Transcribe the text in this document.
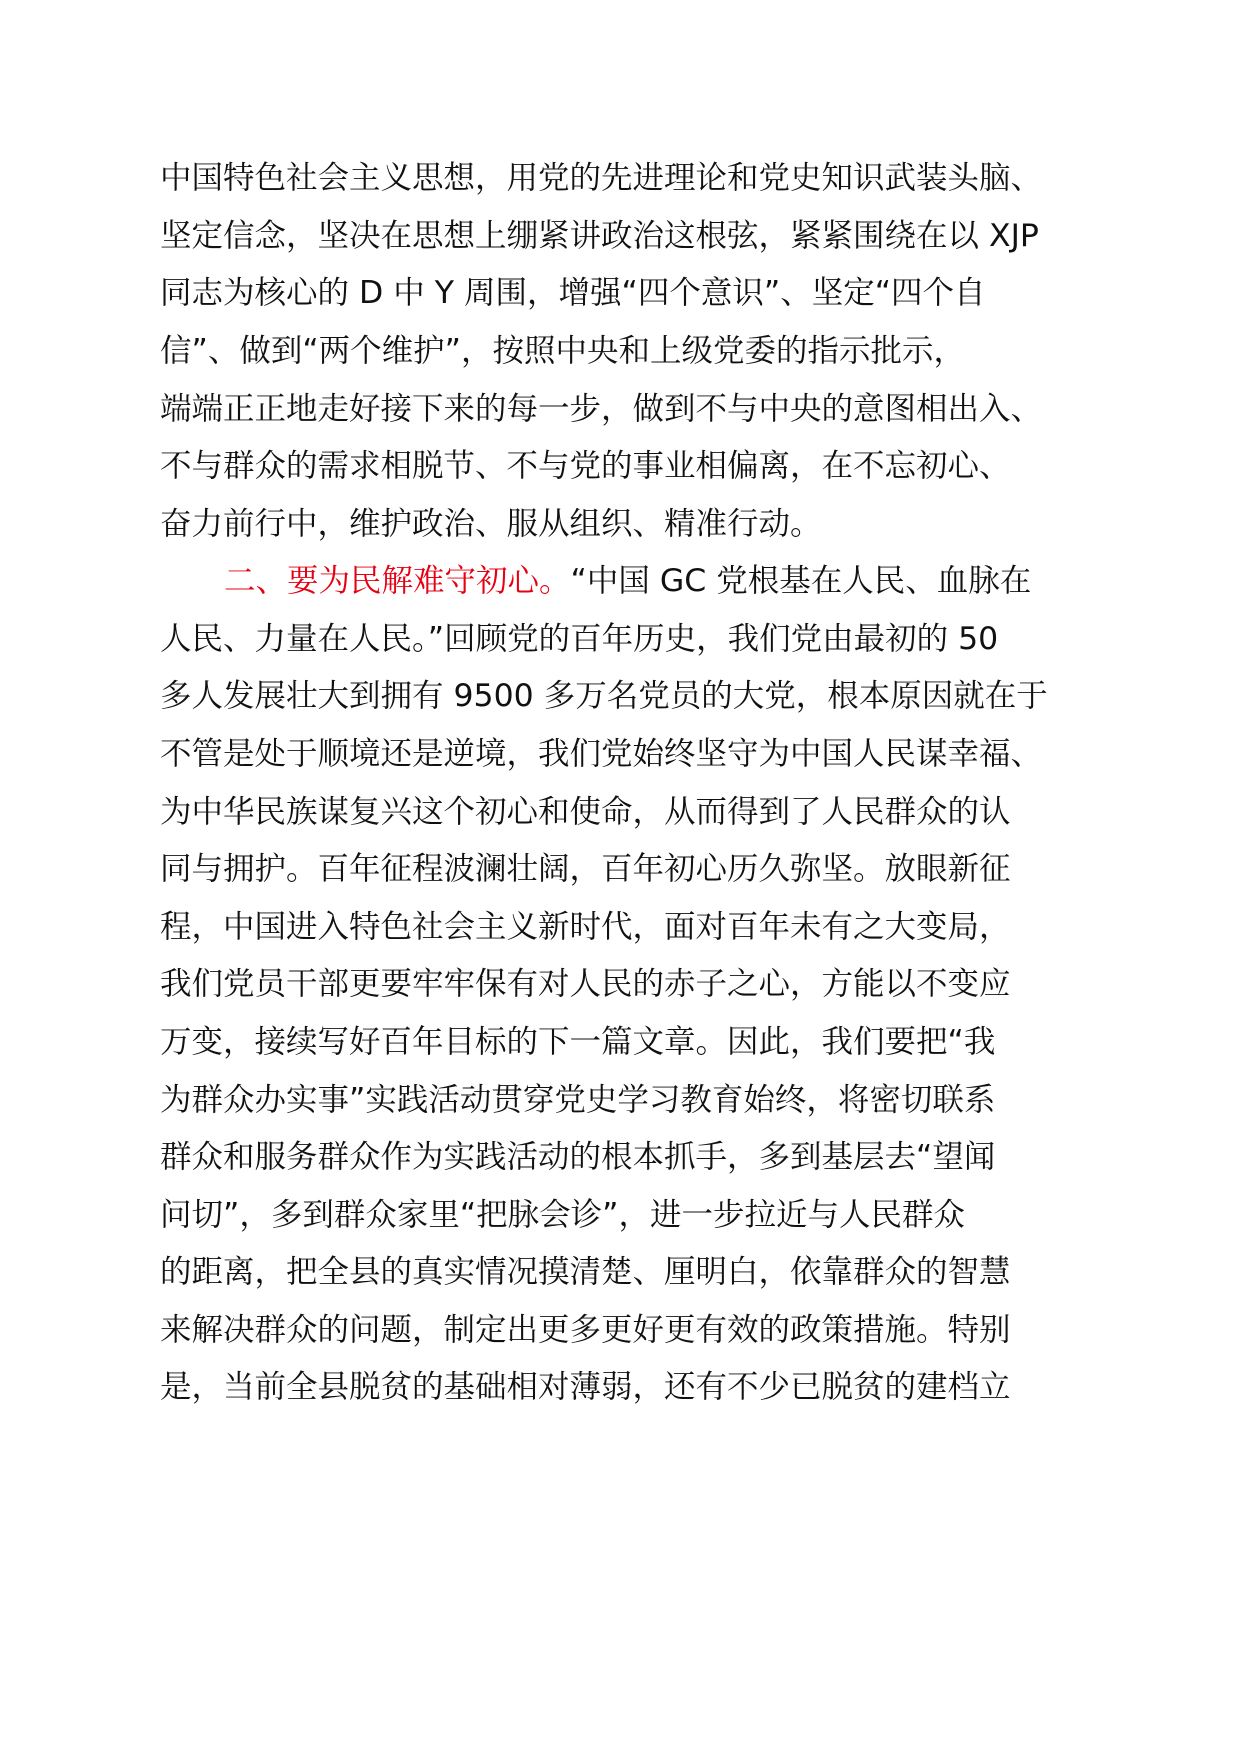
中国特色社会主义思想，用党的先进理论和党史知识武装头脑、
坚定信念，坚决在思想上绷紧讲政治这根弦，紧紧围绕在以 XJP
同志为核心的 D 中 Y 周围，增强“四个意识”、坚定“四个自
信”、做到“两个维护”，按照中央和上级党委的指示批示，
端端正正地走好接下来的每一步，做到不与中央的意图相出入、
不与群众的需求相脱节、不与党的事业相偏离，在不忘初心、
奋力前行中，维护政治、服从组织、精准行动。
二、要为民解难守初心。“中国 GC 党根基在人民、血脉在
人民、力量在人民。”回顾党的百年历史，我们党由最初的 50
多人发展壮大到拥有 9500 多万名党员的大党，根本原因就在于
不管是处于顺境还是逆境，我们党始终坚守为中国人民谋幸福、
为中华民族谋复兴这个初心和使命，从而得到了人民群众的认
同与拥护。百年征程波澜壮阔，百年初心历久弥坚。放眼新征
程，中国进入特色社会主义新时代，面对百年未有之大变局，
我们党员干部更要牢牢保有对人民的赤子之心，方能以不变应
万变，接续写好百年目标的下一篇文章。因此，我们要把“我
为群众办实事”实践活动贯穿党史学习教育始终，将密切联系
群众和服务群众作为实践活动的根本抓手，多到基层去“望闻
问切”，多到群众家里“把脉会诊”，进一步拉近与人民群众
的距离，把全县的真实情况摸清楚、厘明白，依靠群众的智慧
来解决群众的问题，制定出更多更好更有效的政策措施。特别
是，当前全县脱贫的基础相对薄弱，还有不少已脱贫的建档立
